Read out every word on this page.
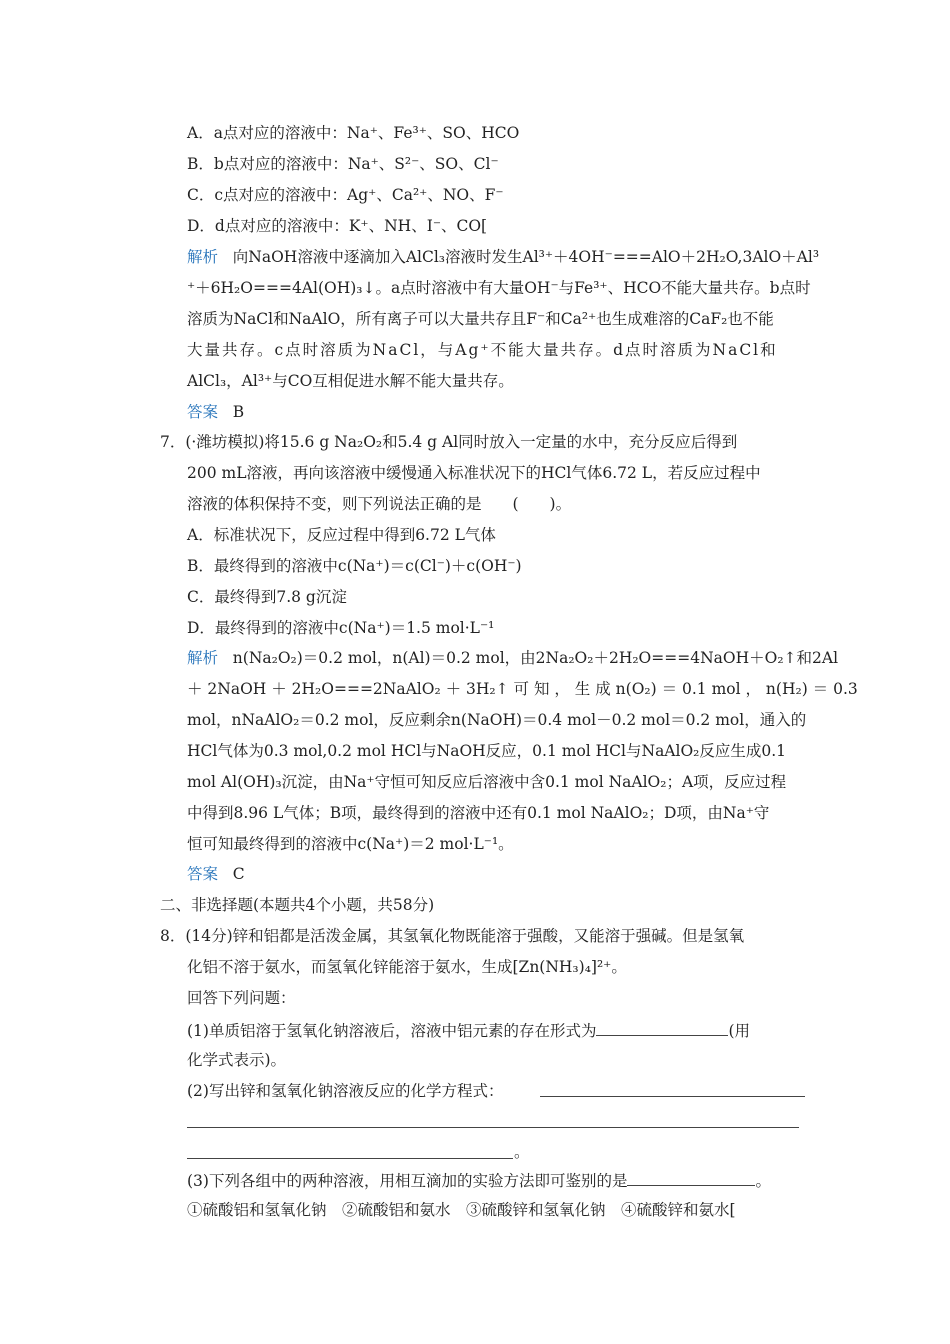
A．a点对应的溶液中：Na⁺、Fe³⁺、SO、HCO
B．b点对应的溶液中：Na⁺、S²⁻、SO、Cl⁻
C．c点对应的溶液中：Ag⁺、Ca²⁺、NO、F⁻
D．d点对应的溶液中：K⁺、NH、I⁻、CO[
解析 向NaOH溶液中逐滴加入AlCl₃溶液时发生Al³⁺＋4OH⁻===AlO＋2H₂O,3AlO＋Al³
⁺＋6H₂O===4Al(OH)₃↓。a点时溶液中有大量OH⁻与Fe³⁺、HCO不能大量共存。b点时
溶质为NaCl和NaAlO，所有离子可以大量共存且F⁻和Ca²⁺也生成难溶的CaF₂也不能
大量共存。c点时溶质为NaCl，与Ag⁺不能大量共存。d点时溶质为NaCl和
AlCl₃，Al³⁺与CO互相促进水解不能大量共存。
答案 B
7．(·潍坊模拟)将15.6 g Na₂O₂和5.4 g Al同时放入一定量的水中，充分反应后得到
200 mL溶液，再向该溶液中缓慢通入标准状况下的HCl气体6.72 L，若反应过程中
溶液的体积保持不变，则下列说法正确的是　　(　　)。
A．标准状况下，反应过程中得到6.72 L气体
B．最终得到的溶液中c(Na⁺)＝c(Cl⁻)＋c(OH⁻)
C．最终得到7.8 g沉淀
D．最终得到的溶液中c(Na⁺)＝1.5 mol·L⁻¹
解析 n(Na₂O₂)＝0.2 mol，n(Al)＝0.2 mol，由2Na₂O₂＋2H₂O===4NaOH＋O₂↑和2Al
＋ 2NaOH ＋ 2H₂O===2NaAlO₂ ＋ 3H₂↑ 可 知 ， 生 成 n(O₂) ＝ 0.1 mol ， n(H₂) ＝ 0.3
mol，nNaAlO₂＝0.2 mol，反应剩余n(NaOH)＝0.4 mol－0.2 mol＝0.2 mol，通入的
HCl气体为0.3 mol,0.2 mol HCl与NaOH反应，0.1 mol HCl与NaAlO₂反应生成0.1
mol Al(OH)₃沉淀，由Na⁺守恒可知反应后溶液中含0.1 mol NaAlO₂；A项，反应过程
中得到8.96 L气体；B项，最终得到的溶液中还有0.1 mol NaAlO₂；D项，由Na⁺守
恒可知最终得到的溶液中c(Na⁺)＝2 mol·L⁻¹。
答案 C
二、非选择题(本题共4个小题，共58分)
8．(14分)锌和铝都是活泼金属，其氢氧化物既能溶于强酸，又能溶于强碱。但是氢氧
化铝不溶于氨水，而氢氧化锌能溶于氨水，生成[Zn(NH₃)₄]²⁺。
回答下列问题：
(1)单质铝溶于氢氧化钠溶液后，溶液中铝元素的存在形式为	(用
化学式表示)。
(2)写出锌和氢氧化钠溶液反应的化学方程式：
。
(3)下列各组中的两种溶液，用相互滴加的实验方法即可鉴别的是	。
①硫酸铝和氢氧化钠　②硫酸铝和氨水　③硫酸锌和氢氧化钠　④硫酸锌和氨水[
